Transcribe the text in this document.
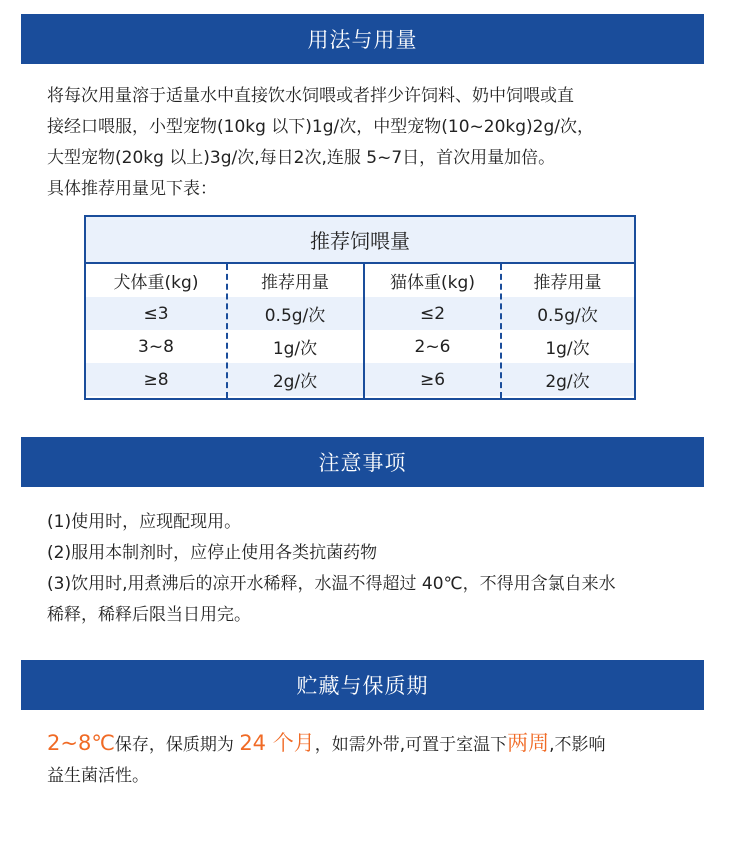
用法与用量
将每次用量溶于适量水中直接饮水饲喂或者拌少许饲料、奶中饲喂或直
接经口喂服，小型宠物(10kg 以下)1g/次，中型宠物(10~20kg)2g/次，
大型宠物(20kg 以上)3g/次,每日2次,连服 5~7日，首次用量加倍。
具体推荐用量见下表：
推荐饲喂量
犬体重(kg)	推荐用量	猫体重(kg)	推荐用量
≤3	0.5g/次	≤2	0.5g/次
3~8	1g/次	2~6	1g/次
≥8	2g/次	≥6	2g/次
注意事项

(1)使用时，应现配现用。

(2)服用本制剂时，应停止使用各类抗菌药物

(3)饮用时,用煮沸后的凉开水稀释，水温不得超过 40℃，不得用含氯自来水

稀释，稀释后限当日用完。

贮藏与保质期

2~8℃保存，保质期为 24 个月，如需外带,可置于室温下两周,不影响

益生菌活性。
